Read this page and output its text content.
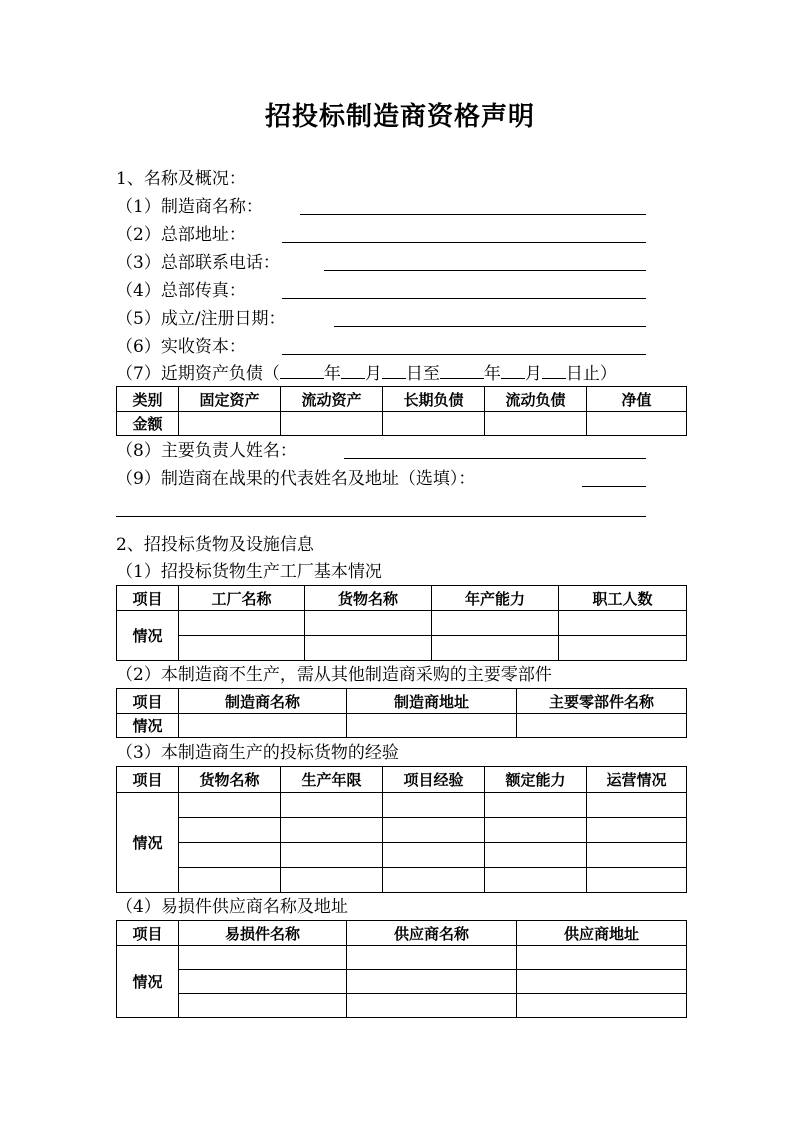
招投标制造商资格声明
1、名称及概况：
（1）制造商名称：
（2）总部地址：
（3）总部联系电话：
（4）总部传真：
（5）成立/注册日期：
（6）实收资本：
（7）近期资产负债（	年 月 日至	年 月 日止）
类别	固定资产	流动资产	长期负债	流动负债	净值
金额					
（8）主要负责人姓名：
（9）制造商在战果的代表姓名及地址（选填）：
2、招投标货物及设施信息
（1）招投标货物生产工厂基本情况
项目	工厂名称	货物名称	年产能力	职工人数
情况				

（2）本制造商不生产，需从其他制造商采购的主要零部件
项目	制造商名称	制造商地址	主要零部件名称
情况			
（3）本制造商生产的投标货物的经验
项目	货物名称	生产年限	项目经验	额定能力	运营情况
情况					

（4）易损件供应商名称及地址
项目	易损件名称	供应商名称	供应商地址
情况			
